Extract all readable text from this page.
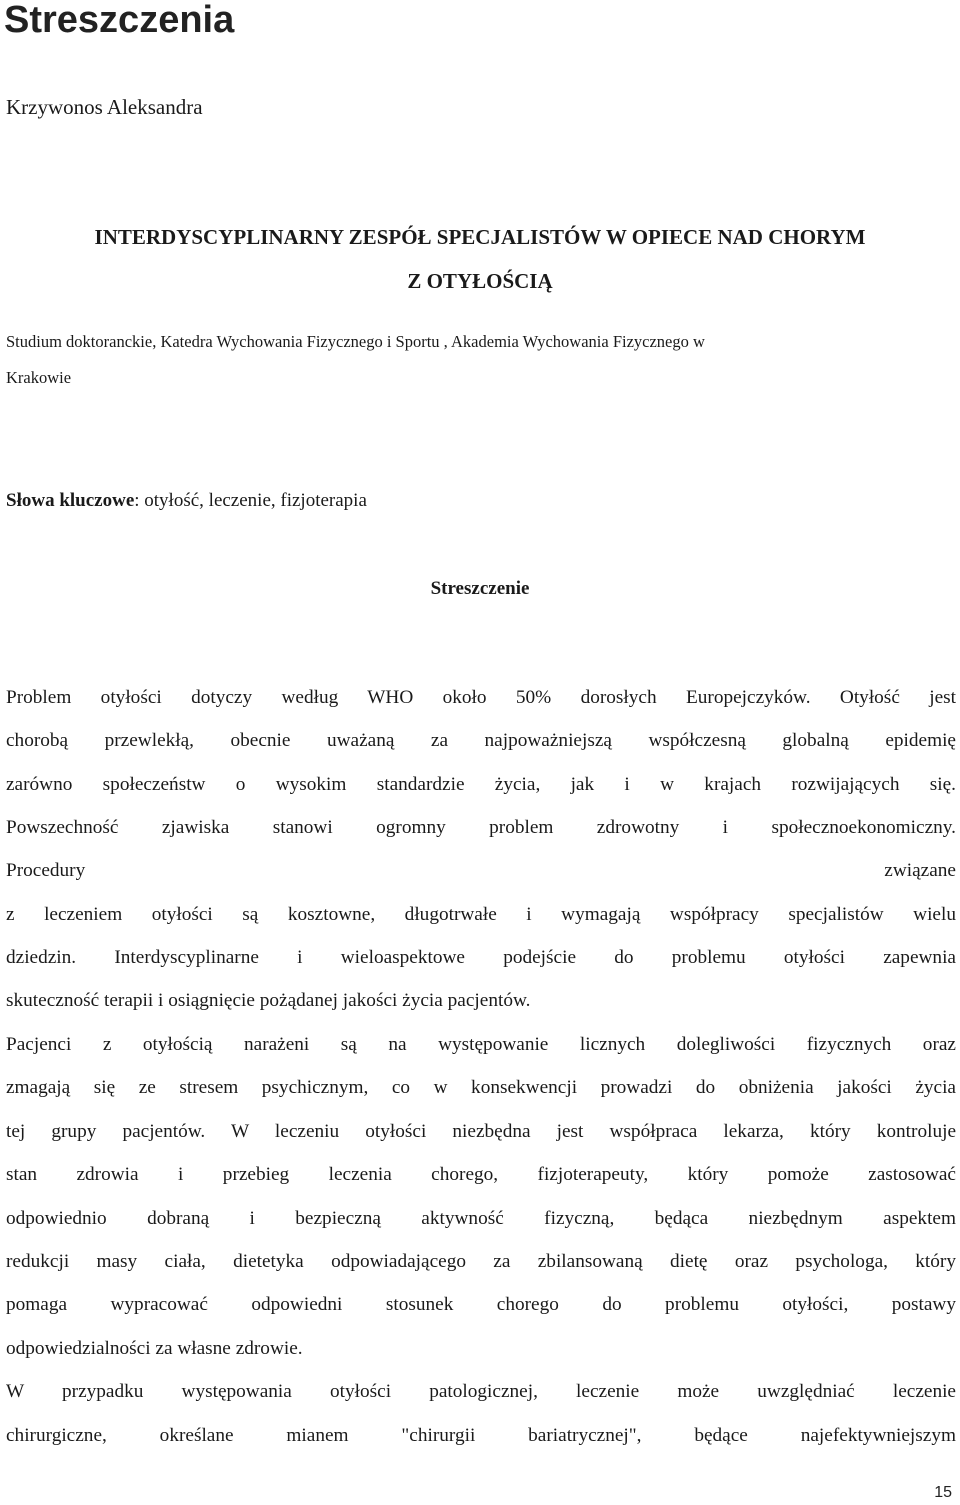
Streszczenia
Krzywonos Aleksandra
INTERDYSCYPLINARNY ZESPÓŁ SPECJALISTÓW W OPIECE NAD CHORYM
Z OTYŁOŚCIĄ
Studium doktoranckie, Katedra Wychowania Fizycznego i Sportu , Akademia Wychowania Fizycznego w
Krakowie
Słowa kluczowe: otyłość, leczenie, fizjoterapia
Streszczenie
Problem otyłości dotyczy według WHO około 50% dorosłych Europejczyków. Otyłość jest
chorobą przewlekłą, obecnie uważaną za najpoważniejszą współczesną globalną epidemię
zarówno społeczeństw o wysokim standardzie życia, jak i w krajach rozwijających się.
Powszechność zjawiska stanowi ogromny problem zdrowotny i społecznoekonomiczny.
Procedury związane
z leczeniem otyłości są kosztowne, długotrwałe i wymagają współpracy specjalistów wielu
dziedzin. Interdyscyplinarne i wieloaspektowe podejście do problemu otyłości zapewnia
skuteczność terapii i osiągnięcie pożądanej jakości życia pacjentów.
Pacjenci z otyłością narażeni są na występowanie licznych dolegliwości fizycznych oraz
zmagają się ze stresem psychicznym, co w konsekwencji prowadzi do obniżenia jakości życia
tej grupy pacjentów. W leczeniu otyłości niezbędna jest współpraca lekarza, który kontroluje
stan zdrowia i przebieg leczenia chorego, fizjoterapeuty, który pomoże zastosować
odpowiednio dobraną i bezpieczną aktywność fizyczną, będąca niezbędnym aspektem
redukcji masy ciała, dietetyka odpowiadającego za zbilansowaną dietę oraz psychologa, który
pomaga wypracować odpowiedni stosunek chorego do problemu otyłości, postawy
odpowiedzialności za własne zdrowie.
W przypadku występowania otyłości patologicznej, leczenie może uwzględniać leczenie
chirurgiczne, określane mianem "chirurgii bariatrycznej", będące najefektywniejszym
15
